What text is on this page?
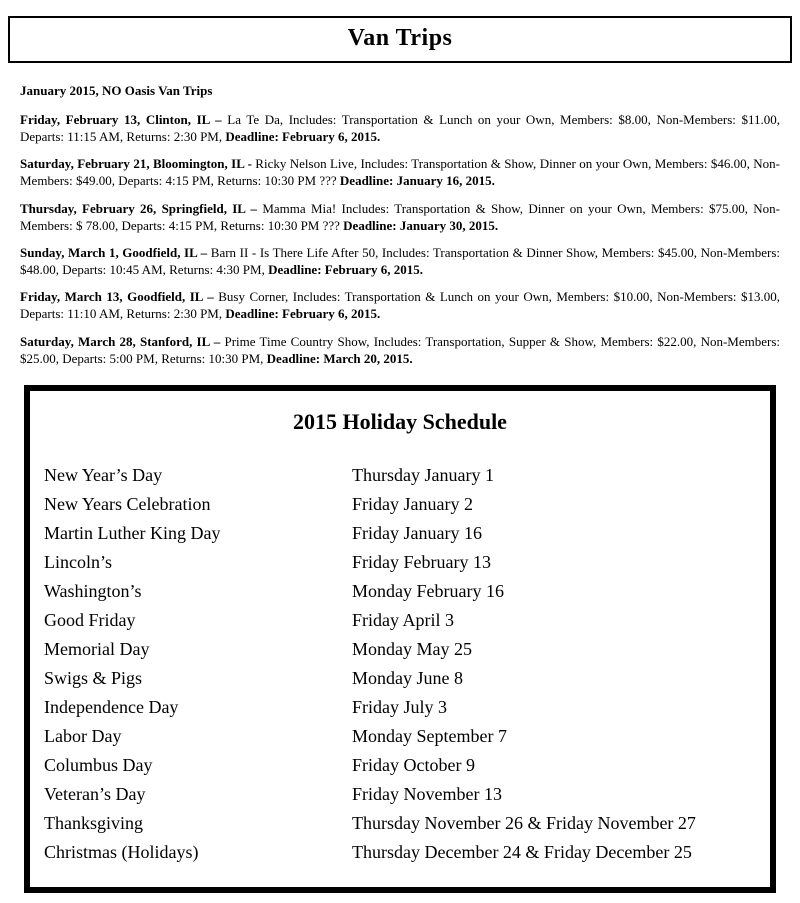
Van Trips

January 2015, NO Oasis Van Trips

Friday, February 13, Clinton, IL – La Te Da, Includes: Transportation & Lunch on your Own, Members: $8.00, Non-Members: $11.00, Departs: 11:15 AM, Returns: 2:30 PM, Deadline: February 6, 2015.

Saturday, February 21, Bloomington, IL - Ricky Nelson Live, Includes: Transportation & Show, Dinner on your Own, Members: $46.00, Non-Members: $49.00, Departs: 4:15 PM, Returns: 10:30 PM ??? Deadline: January 16, 2015.

Thursday, February 26, Springfield, IL – Mamma Mia! Includes: Transportation & Show, Dinner on your Own, Members: $75.00, Non-Members: $ 78.00, Departs: 4:15 PM, Returns: 10:30 PM ??? Deadline: January 30, 2015.

Sunday, March 1, Goodfield, IL – Barn II - Is There Life After 50, Includes: Transportation & Dinner Show, Members: $45.00, Non-Members: $48.00, Departs: 10:45 AM, Returns: 4:30 PM, Deadline: February 6, 2015.

Friday, March 13, Goodfield, IL – Busy Corner, Includes: Transportation & Lunch on your Own, Members: $10.00, Non-Members: $13.00, Departs: 11:10 AM, Returns: 2:30 PM, Deadline: February 6, 2015.

Saturday, March 28, Stanford, IL – Prime Time Country Show, Includes: Transportation, Supper & Show, Members: $22.00, Non-Members: $25.00, Departs: 5:00 PM, Returns: 10:30 PM, Deadline: March 20, 2015.

2015 Holiday Schedule
New Year’s Day	Thursday January 1
New Years Celebration	Friday January 2
Martin Luther King Day	Friday January 16
Lincoln’s	Friday February 13
Washington’s	Monday February 16
Good Friday	Friday April 3
Memorial Day	Monday May 25
Swigs & Pigs	Monday June 8
Independence Day	Friday July 3
Labor Day	Monday September 7
Columbus Day	Friday October 9
Veteran’s Day	Friday November 13
Thanksgiving	Thursday November 26 & Friday November 27
Christmas (Holidays)	Thursday December 24 & Friday December 25
